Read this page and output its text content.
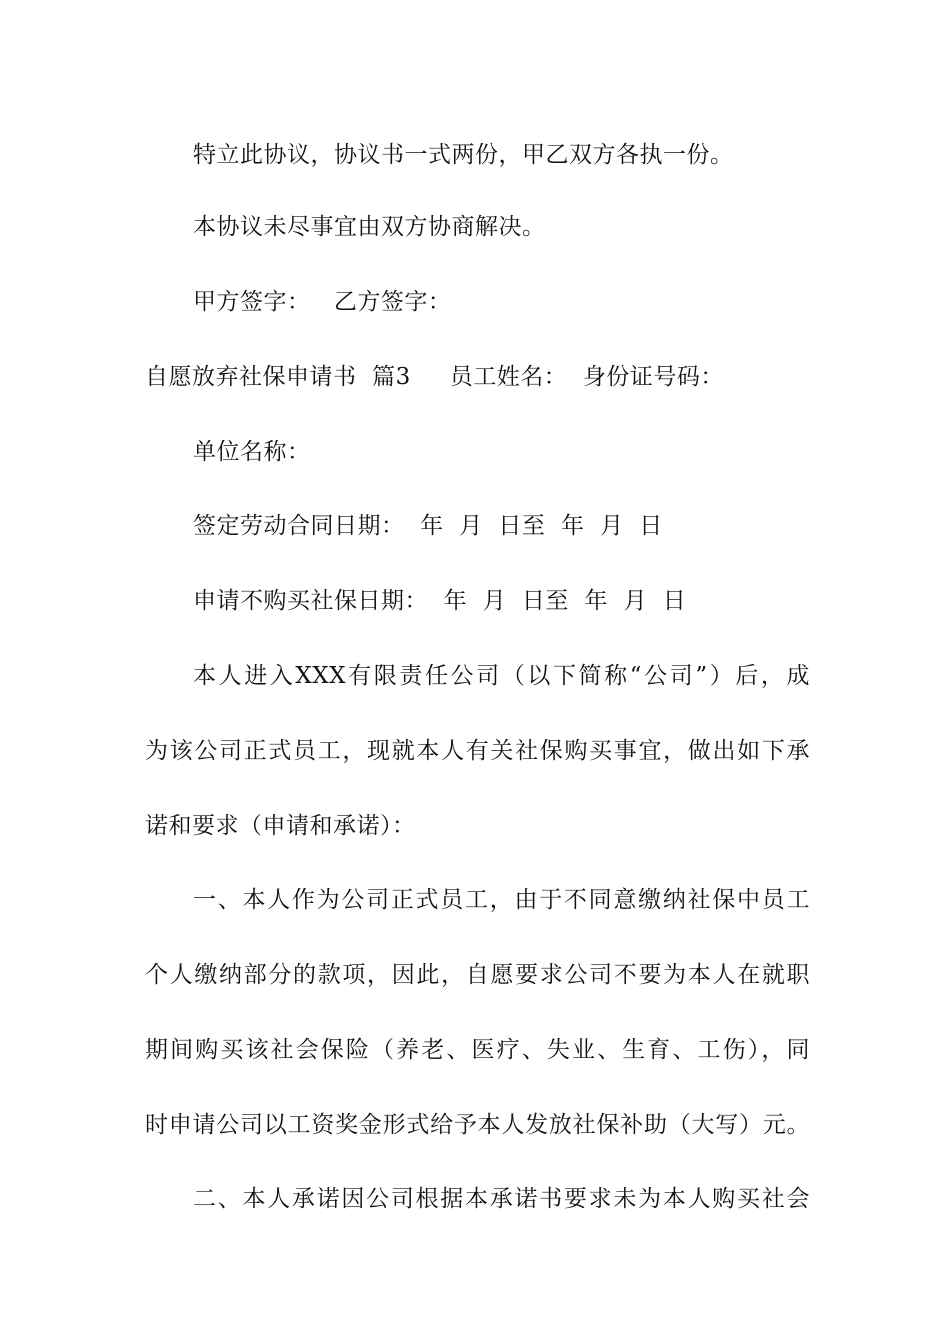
特立此协议，协议书一式两份，甲乙双方各执一份。
本协议未尽事宜由双方协商解决。
甲方签字：   乙方签字：
自愿放弃社保申请书  篇3     员工姓名：  身份证号码：
单位名称：
签定劳动合同日期：  年  月  日至  年  月  日
申请不购买社保日期：  年  月  日至  年  月  日
本人进入XXX有限责任公司（以下简称“公司”）后，成
为该公司正式员工，现就本人有关社保购买事宜，做出如下承
诺和要求（申请和承诺）：
一、本人作为公司正式员工，由于不同意缴纳社保中员工
个人缴纳部分的款项，因此，自愿要求公司不要为本人在就职
期间购买该社会保险（养老、医疗、失业、生育、工伤），同
时申请公司以工资奖金形式给予本人发放社保补助（大写）元。
二、本人承诺因公司根据本承诺书要求未为本人购买社会
